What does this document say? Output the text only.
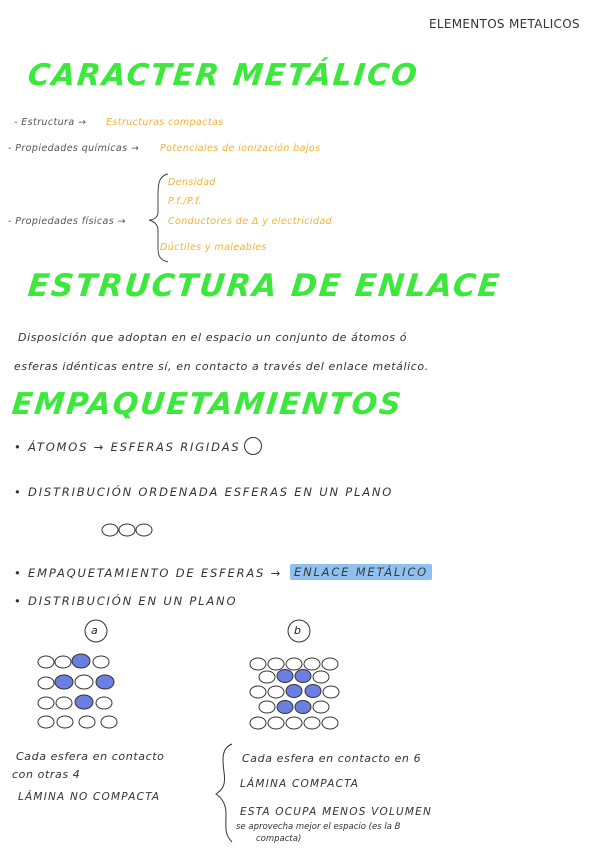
ELEMENTOS METALICOS
CARACTER METÁLICO
- Estructura → Estructuras compactas
- Propiedades químicas → Potenciales de ionización bajos
- Propiedades físicas →
Densidad
P.f./P.f.
Conductores de Δ y electricidad
Dúctiles y maleables
ESTRUCTURA DE ENLACE
Disposición que adoptan en el espacio un conjunto de átomos ó
esferas idénticas entre sí, en contacto a través del enlace metálico.
EMPAQUETAMIENTOS
• ÁTOMOS → ESFERAS RIGIDAS
• DISTRIBUCIÓN ORDENADA ESFERAS EN UN PLANO
• EMPAQUETAMIENTO DE ESFERAS →	ENLACE METÁLICO
• DISTRIBUCIÓN EN UN PLANO
a	b
Cada esfera en contacto
con otras 4
LÁMINA NO COMPACTA
Cada esfera en contacto en 6
LÁMINA COMPACTA
ESTA OCUPA MENOS VOLUMEN
se aprovecha mejor el espacio (es la B
compacta)
